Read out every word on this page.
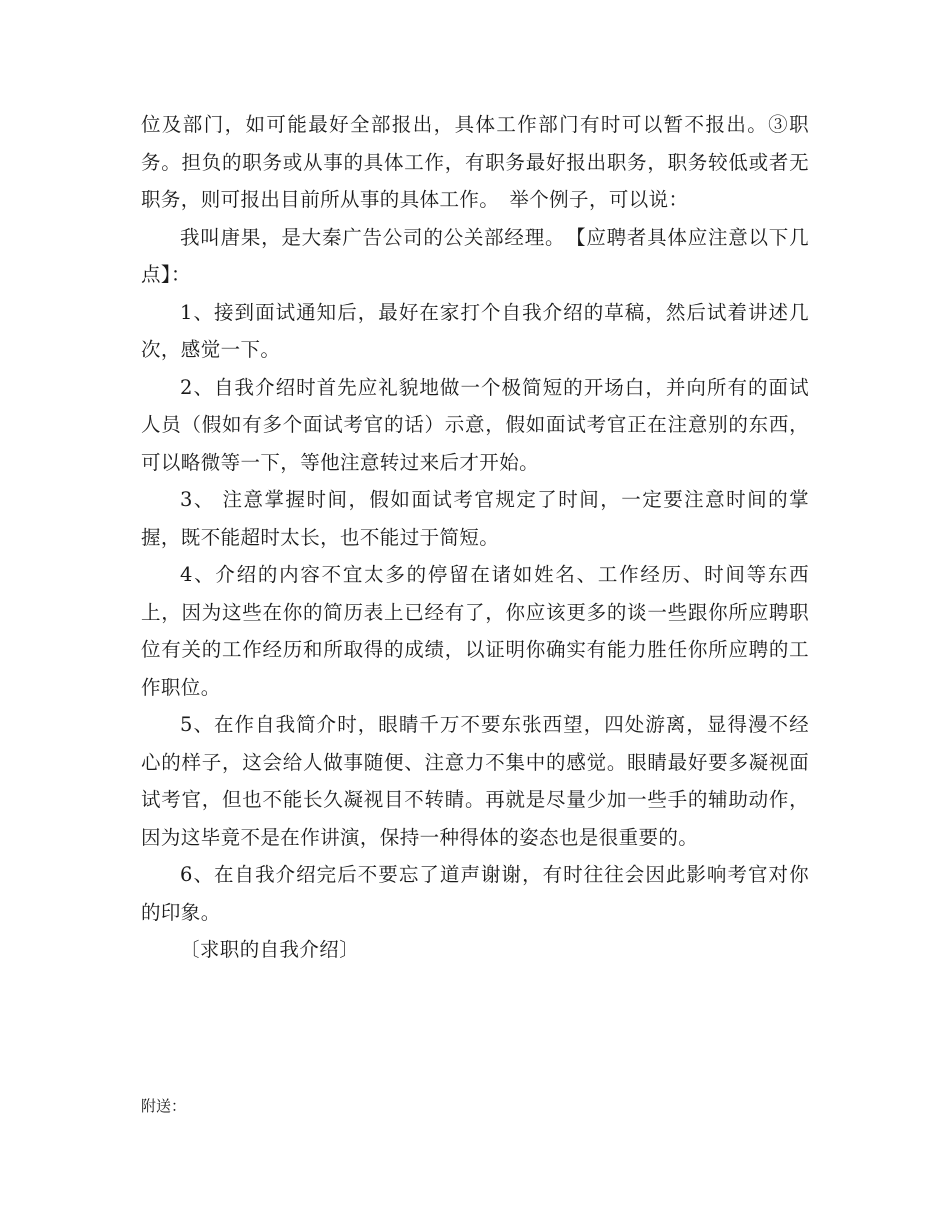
位及部门，如可能最好全部报出，具体工作部门有时可以暂不报出。③职务。担负的职务或从事的具体工作，有职务最好报出职务，职务较低或者无职务，则可报出目前所从事的具体工作。　举个例子，可以说：

我叫唐果，是大秦广告公司的公关部经理。　【应聘者具体应注意以下几点】：

1、接到面试通知后，最好在家打个自我介绍的草稿，然后试着讲述几次，感觉一下。

2、自我介绍时首先应礼貌地做一个极简短的开场白，并向所有的面试人员（假如有多个面试考官的话）示意，假如面试考官正在注意别的东西，可以略微等一下，等他注意转过来后才开始。

3、 注意掌握时间，假如面试考官规定了时间，一定要注意时间的掌握，既不能超时太长，也不能过于简短。

4、介绍的内容不宜太多的停留在诸如姓名、工作经历、时间等东西上，因为这些在你的简历表上已经有了，你应该更多的谈一些跟你所应聘职位有关的工作经历和所取得的成绩，以证明你确实有能力胜任你所应聘的工作职位。

5、在作自我简介时，眼睛千万不要东张西望，四处游离，显得漫不经心的样子，这会给人做事随便、注意力不集中的感觉。眼睛最好要多凝视面试考官，但也不能长久凝视目不转睛。再就是尽量少加一些手的辅助动作，因为这毕竟不是在作讲演，保持一种得体的姿态也是很重要的。

6、在自我介绍完后不要忘了道声谢谢，有时往往会因此影响考官对你的印象。

〔求职的自我介绍〕

附送：
